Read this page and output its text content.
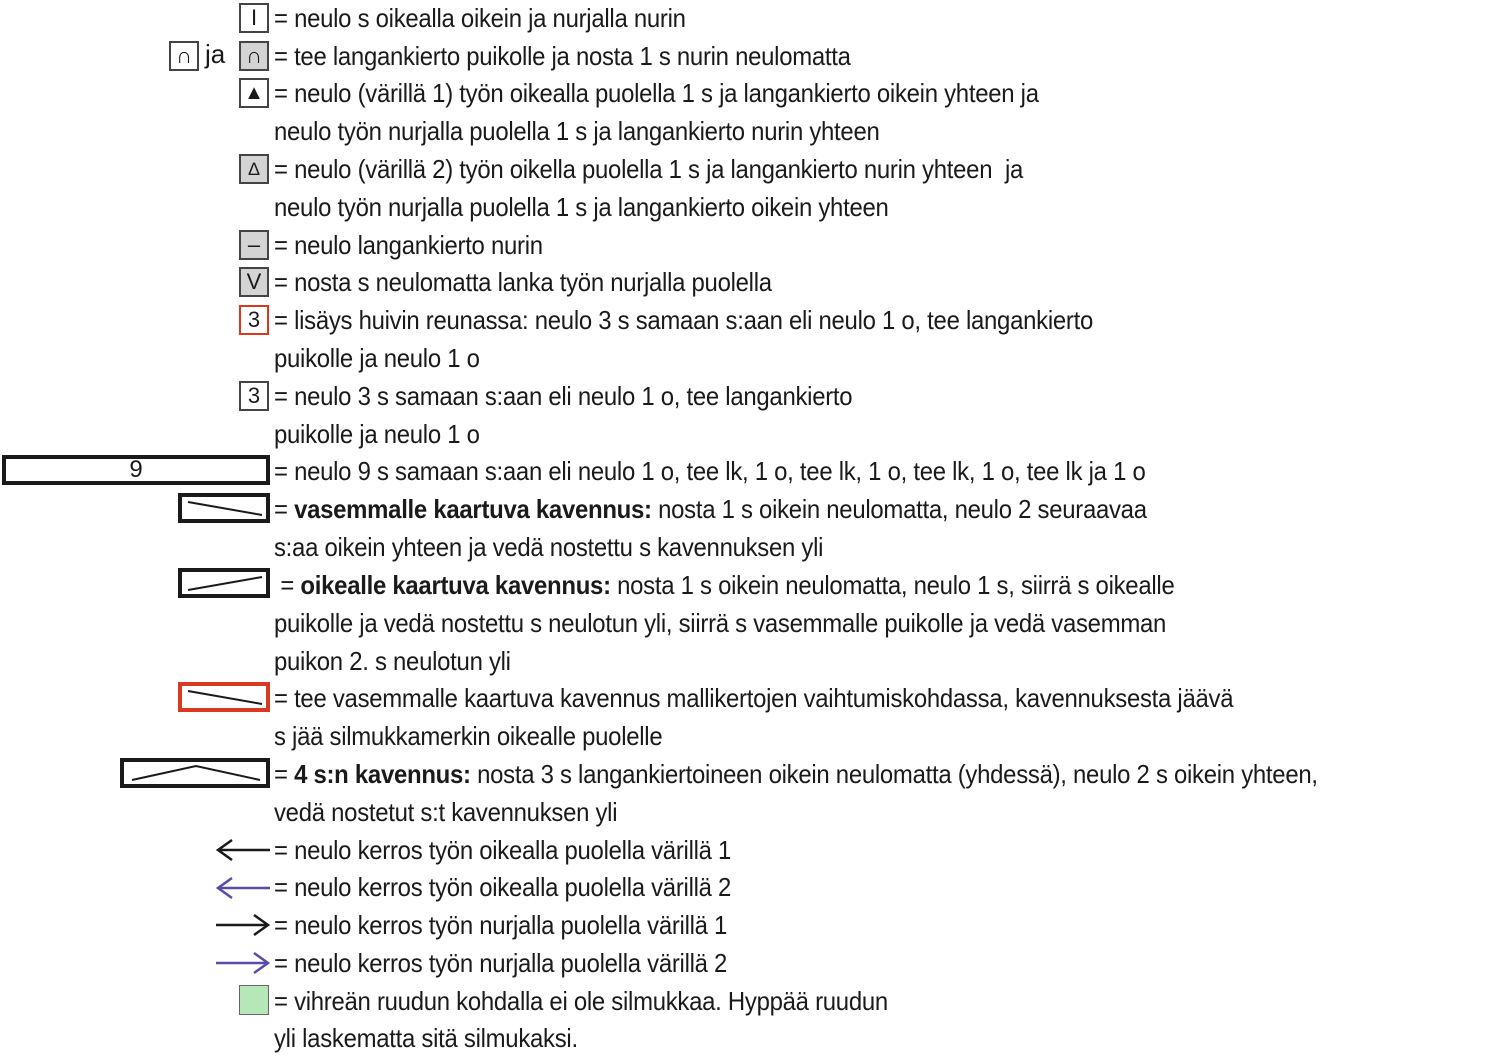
I
∩ ja ∩
▲
∆
–
V
3
3
9
= neulo s oikealla oikein ja nurjalla nurin
= tee langankierto puikolle ja nosta 1 s nurin neulomatta
= neulo (värillä 1) työn oikealla puolella 1 s ja langankierto oikein yhteen ja
neulo työn nurjalla puolella 1 s ja langankierto nurin yhteen
= neulo (värillä 2) työn oikella puolella 1 s ja langankierto nurin yhteen  ja
neulo työn nurjalla puolella 1 s ja langankierto oikein yhteen
= neulo langankierto nurin
= nosta s neulomatta lanka työn nurjalla puolella
= lisäys huivin reunassa: neulo 3 s samaan s:aan eli neulo 1 o, tee langankierto
puikolle ja neulo 1 o
= neulo 3 s samaan s:aan eli neulo 1 o, tee langankierto
puikolle ja neulo 1 o
= neulo 9 s samaan s:aan eli neulo 1 o, tee lk, 1 o, tee lk, 1 o, tee lk, 1 o, tee lk ja 1 o
= vasemmalle kaartuva kavennus: nosta 1 s oikein neulomatta, neulo 2 seuraavaa
s:aa oikein yhteen ja vedä nostettu s kavennuksen yli
= oikealle kaartuva kavennus: nosta 1 s oikein neulomatta, neulo 1 s, siirrä s oikealle
puikolle ja vedä nostettu s neulotun yli, siirrä s vasemmalle puikolle ja vedä vasemman
puikon 2. s neulotun yli
= tee vasemmalle kaartuva kavennus mallikertojen vaihtumiskohdassa, kavennuksesta jäävä
s jää silmukkamerkin oikealle puolelle
= 4 s:n kavennus: nosta 3 s langankiertoineen oikein neulomatta (yhdessä), neulo 2 s oikein yhteen,
vedä nostetut s:t kavennuksen yli
= neulo kerros työn oikealla puolella värillä 1
= neulo kerros työn oikealla puolella värillä 2
= neulo kerros työn nurjalla puolella värillä 1
= neulo kerros työn nurjalla puolella värillä 2
= vihreän ruudun kohdalla ei ole silmukkaa. Hyppää ruudun
yli laskematta sitä silmukaksi.
